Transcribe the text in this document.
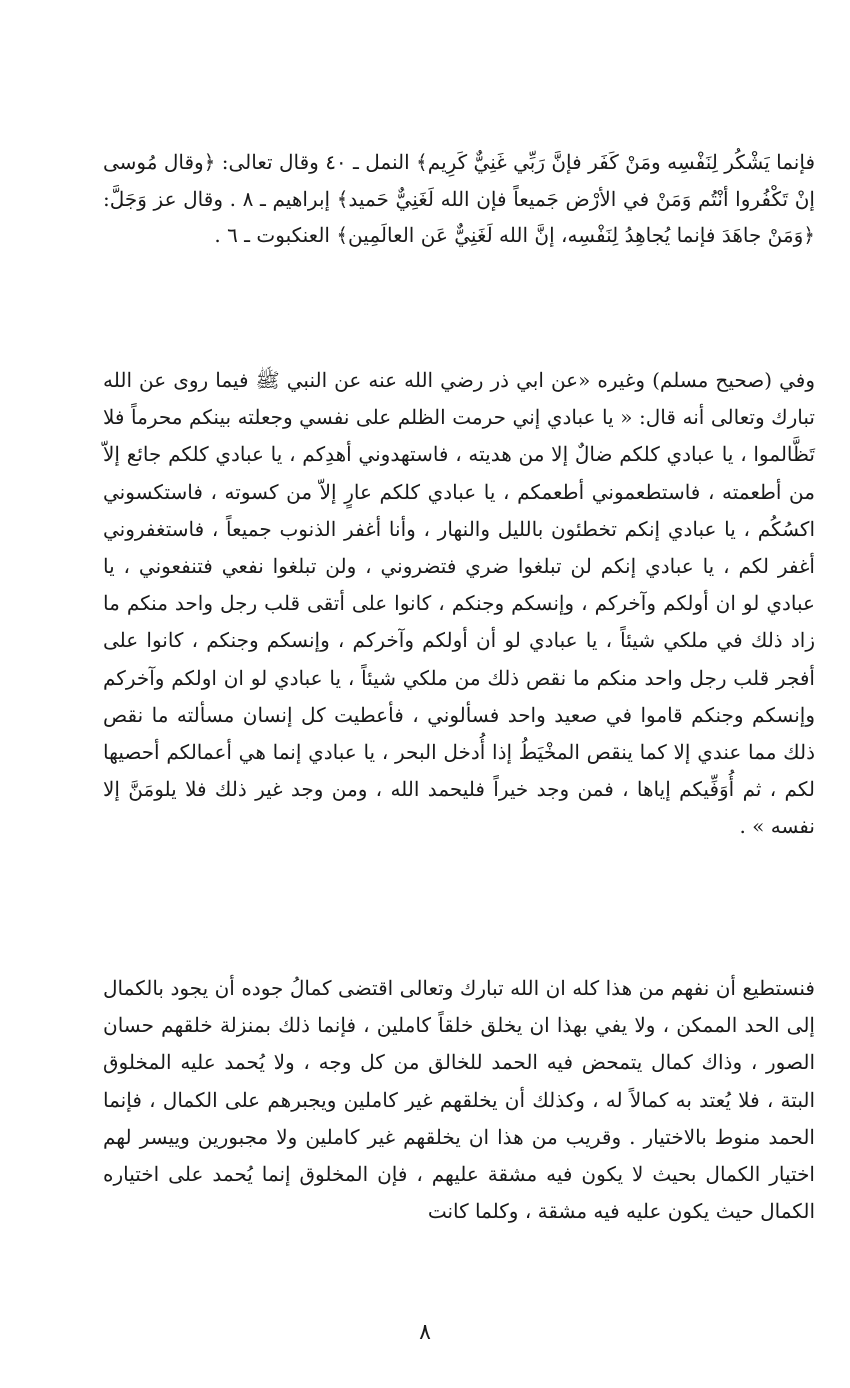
فإنما يَشْكُر لِنَفْسِه ومَنْ كَفَر فإنَّ رَبِّي غَنِيٌّ كَرِيم﴾ النمل ـ ٤٠ وقال تعالى: ﴿وقال مُوسى إنْ تَكْفُروا أنْتُم وَمَنْ في الأرْض جَميعاً فإن الله لَغَنِيٌّ حَميد﴾ إبراهيم ـ ٨ . وقال عز وَجَلَّ: ﴿وَمَنْ جاهَدَ فإنما يُجاهِدُ لِنَفْسِه، إنَّ الله لَغَنِيٌّ عَن العالَمِين﴾ العنكبوت ـ ٦ .

وفي (صحيح مسلم) وغيره «عن ابي ذر رضي الله عنه عن النبي ﷺ فيما روى عن الله تبارك وتعالى أنه قال: « يا عبادي إني حرمت الظلم على نفسي وجعلته بينكم محرماً فلا تَظَّالموا ، يا عبادي كلكم ضالٌ إلا من هديته ، فاستهدوني أهدِكم ، يا عبادي كلكم جائع إلاّ من أطعمته ، فاستطعموني أطعمكم ، يا عبادي كلكم عارٍ إلاّ من كسوته ، فاستكسوني اكسُكُم ، يا عبادي إنكم تخطئون بالليل والنهار ، وأنا أغفر الذنوب جميعاً ، فاستغفروني أغفر لكم ، يا عبادي إنكم لن تبلغوا ضري فتضروني ، ولن تبلغوا نفعي فتنفعوني ، يا عبادي لو ان أولكم وآخركم ، وإنسكم وجنكم ، كانوا على أتقى قلب رجل واحد منكم ما زاد ذلك في ملكي شيئاً ، يا عبادي لو أن أولكم وآخركم ، وإنسكم وجنكم ، كانوا على أفجر قلب رجل واحد منكم ما نقص ذلك من ملكي شيئاً ، يا عبادي لو ان اولكم وآخركم وإنسكم وجنكم قاموا في صعيد واحد فسألوني ، فأعطيت كل إنسان مسألته ما نقص ذلك مما عندي إلا كما ينقص المخْيَطُ إذا أُدخل البحر ، يا عبادي إنما هي أعمالكم أحصيها لكم ، ثم أُوَفِّيكم إياها ، فمن وجد خيراً فليحمد الله ، ومن وجد غير ذلك فلا يلومَنَّ إلا نفسه » .

فنستطيع أن نفهم من هذا كله ان الله تبارك وتعالى اقتضى كمالُ جوده أن يجود بالكمال إلى الحد الممكن ، ولا يفي بهذا ان يخلق خلقاً كاملين ، فإنما ذلك بمنزلة خلقهم حسان الصور ، وذاك كمال يتمحض فيه الحمد للخالق من كل وجه ، ولا يُحمد عليه المخلوق البتة ، فلا يُعتد به كمالاً له ، وكذلك أن يخلقهم غير كاملين ويجبرهم على الكمال ، فإنما الحمد منوط بالاختيار . وقريب من هذا ان يخلقهم غير كاملين ولا مجبورين وييسر لهم اختيار الكمال بحيث لا يكون فيه مشقة عليهم ، فإن المخلوق إنما يُحمد على اختياره الكمال حيث يكون عليه فيه مشقة ، وكلما كانت

٨
